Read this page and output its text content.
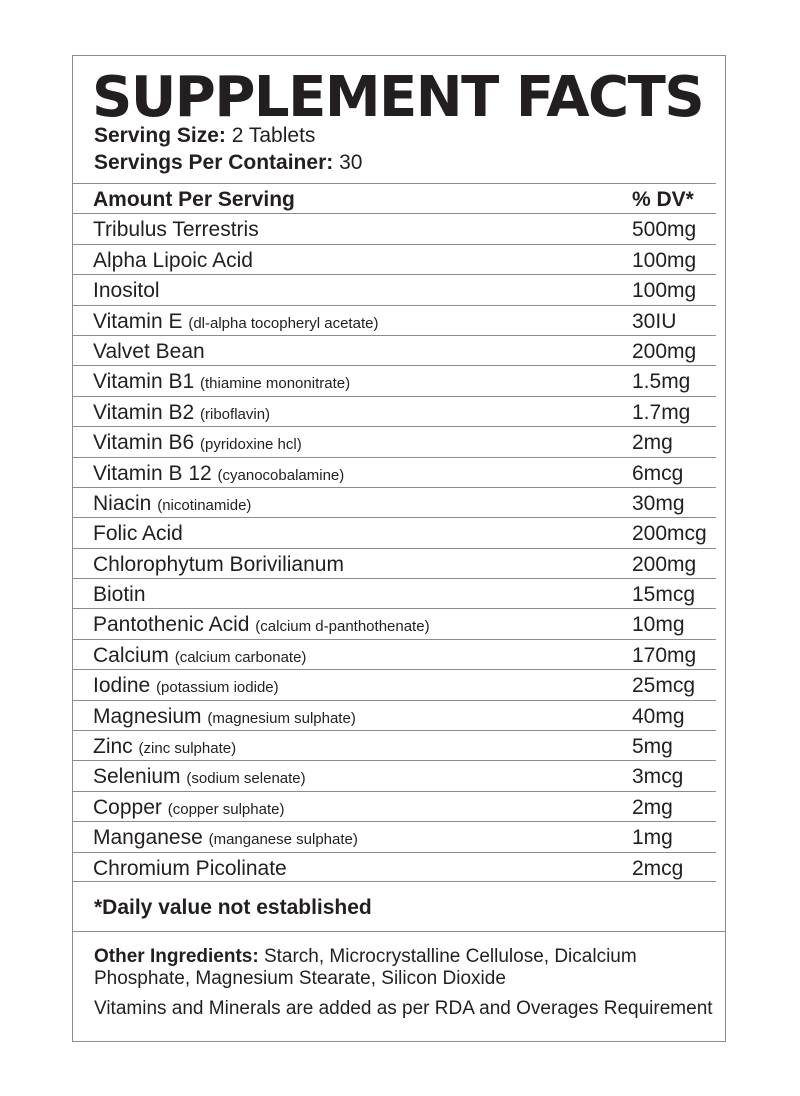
SUPPLEMENT FACTS
Serving Size: 2 Tablets
Servings Per Container: 30
Amount Per Serving	% DV*
Tribulus Terrestris	500mg
Alpha Lipoic Acid	100mg
Inositol	100mg
Vitamin E (dl-alpha tocopheryl acetate)	30IU
Valvet Bean	200mg
Vitamin B1 (thiamine mononitrate)	1.5mg
Vitamin B2 (riboflavin)	1.7mg
Vitamin B6 (pyridoxine hcl)	2mg
Vitamin B 12 (cyanocobalamine)	6mcg
Niacin (nicotinamide)	30mg
Folic Acid	200mcg
Chlorophytum Borivilianum	200mg
Biotin	15mcg
Pantothenic Acid (calcium d-panthothenate)	10mg
Calcium (calcium carbonate)	170mg
Iodine (potassium iodide)	25mcg
Magnesium (magnesium sulphate)	40mg
Zinc (zinc sulphate)	5mg
Selenium (sodium selenate)	3mcg
Copper (copper sulphate)	2mg
Manganese (manganese sulphate)	1mg
Chromium Picolinate	2mcg
*Daily value not established
Other Ingredients: Starch, Microcrystalline Cellulose, Dicalcium Phosphate, Magnesium Stearate, Silicon Dioxide
Vitamins and Minerals are added as per RDA and Overages Requirement
